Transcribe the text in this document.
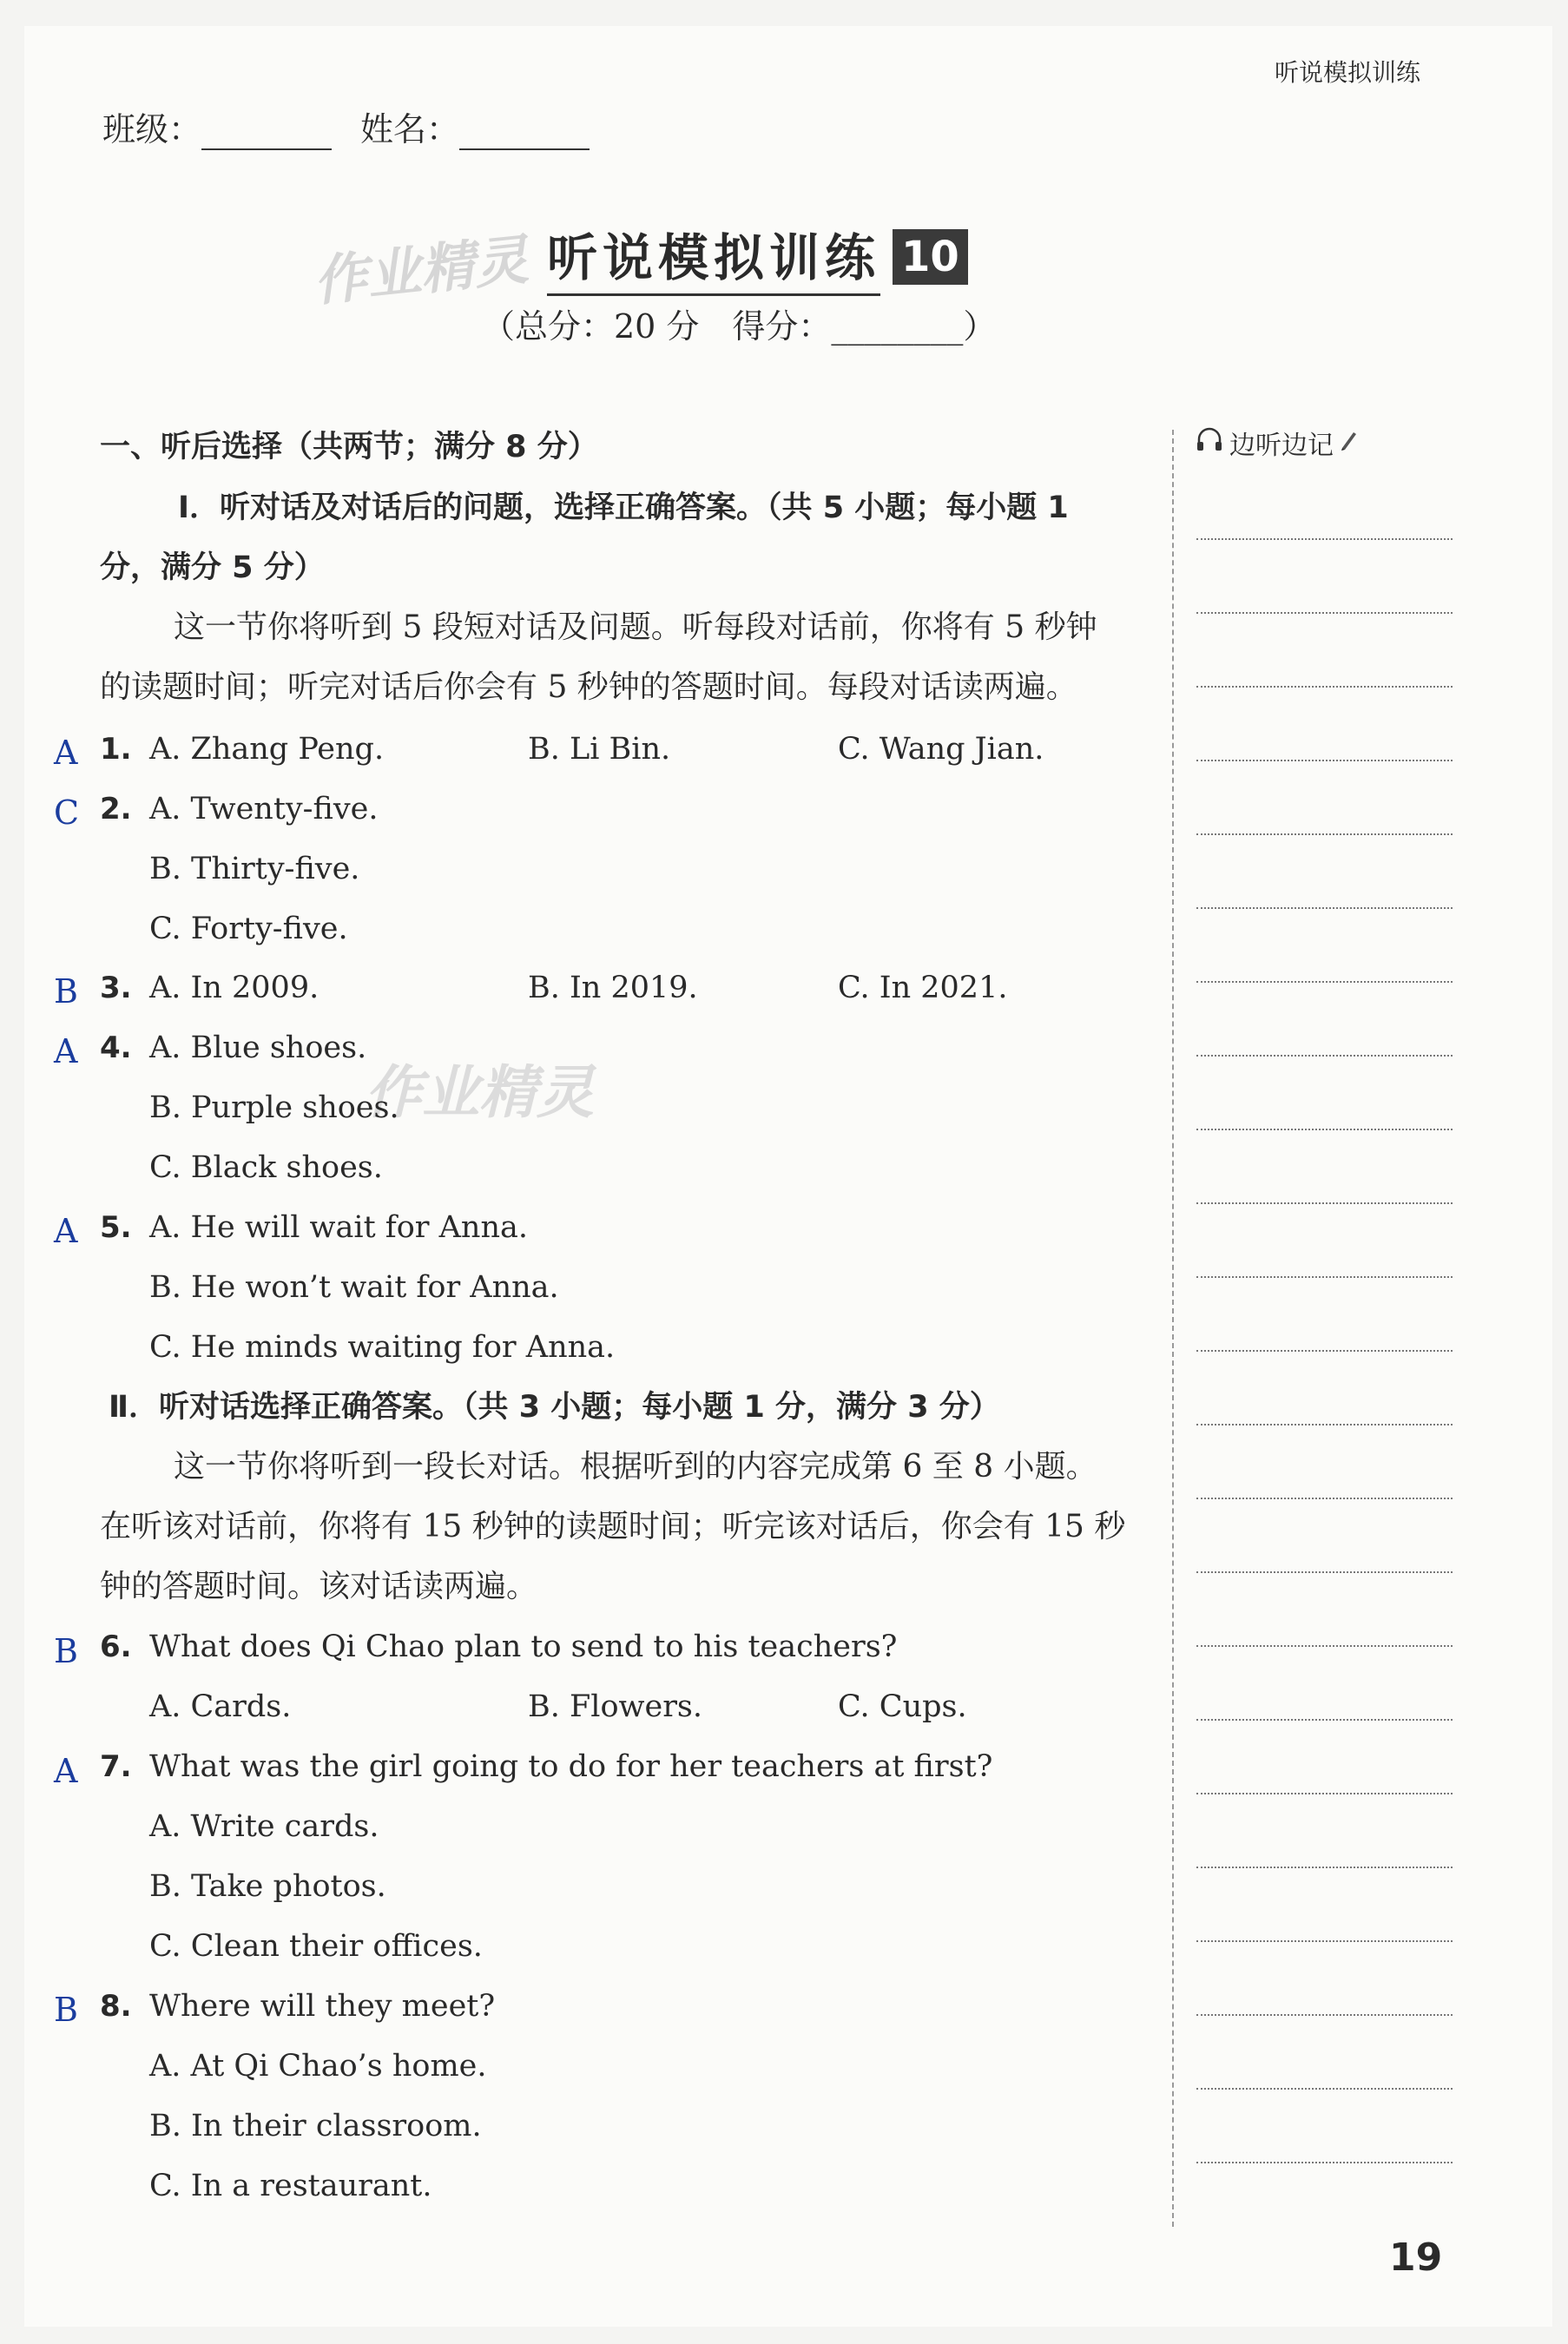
听说模拟训练
班级：	姓名：
作业精灵
作业精灵
听说模拟训练 10
（总分：20 分　得分：________）
一、听后选择（共两节；满分 8 分）
Ⅰ．听对话及对话后的问题，选择正确答案。（共 5 小题；每小题 1
分，满分 5 分）
这一节你将听到 5 段短对话及问题。听每段对话前，你将有 5 秒钟
的读题时间；听完对话后你会有 5 秒钟的答题时间。每段对话读两遍。
A 1. A. Zhang Peng.	B. Li Bin.	C. Wang Jian.
C 2. A. Twenty-five.
B. Thirty-five.
C. Forty-five.
B 3. A. In 2009.	B. In 2019.	C. In 2021.
A 4. A. Blue shoes.
B. Purple shoes.
C. Black shoes.
A 5. A. He will wait for Anna.
B. He won’t wait for Anna.
C. He minds waiting for Anna.
Ⅱ．听对话选择正确答案。（共 3 小题；每小题 1 分，满分 3 分）
这一节你将听到一段长对话。根据听到的内容完成第 6 至 8 小题。
在听该对话前，你将有 15 秒钟的读题时间；听完该对话后，你会有 15 秒
钟的答题时间。该对话读两遍。
B 6. What does Qi Chao plan to send to his teachers?
A. Cards.	B. Flowers.	C. Cups.
A 7. What was the girl going to do for her teachers at first?
A. Write cards.
B. Take photos.
C. Clean their offices.
B 8. Where will they meet?
A. At Qi Chao’s home.
B. In their classroom.
C. In a restaurant.
边听边记
19
